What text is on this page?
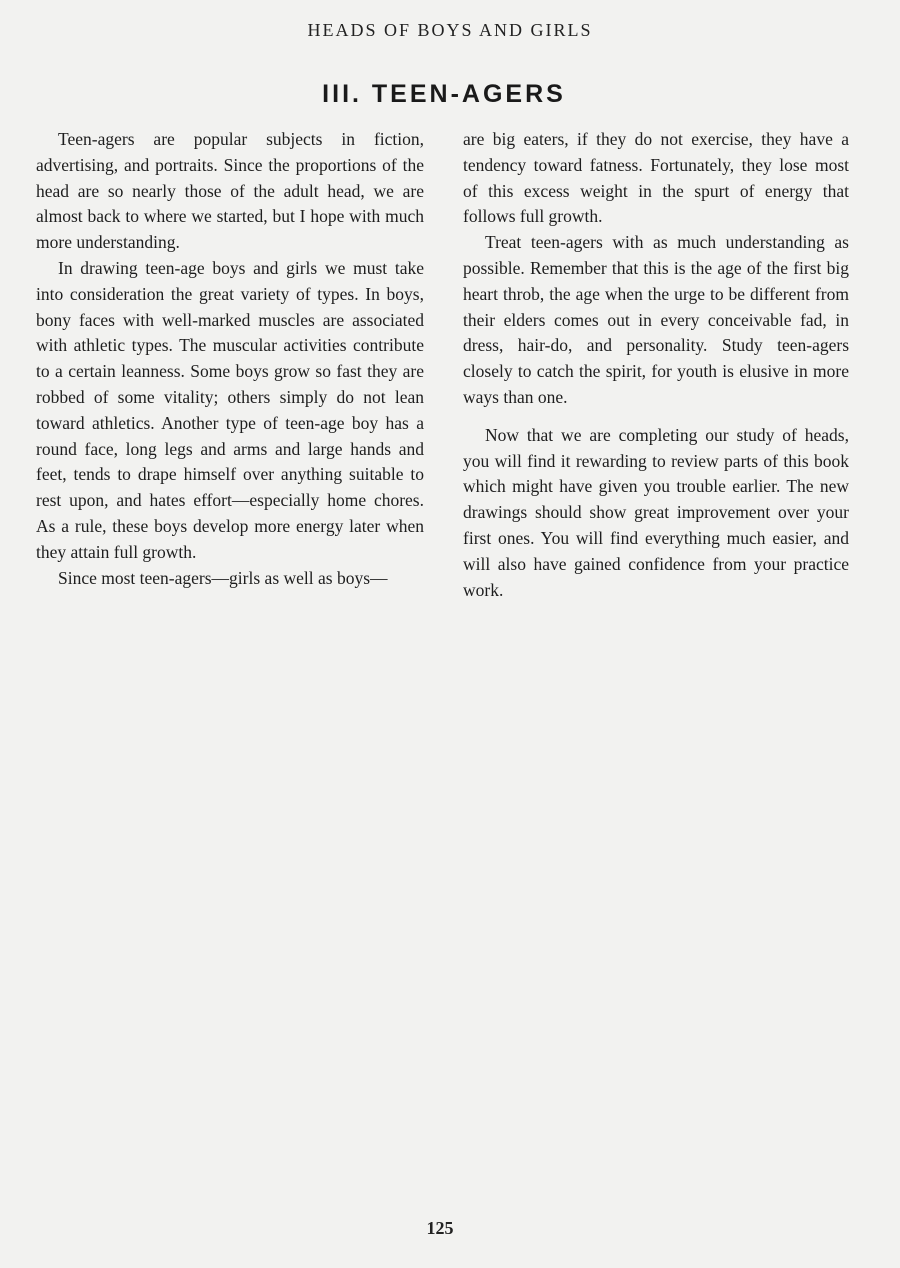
HEADS OF BOYS AND GIRLS
III. TEEN-AGERS

Teen-agers are popular subjects in fiction, advertising, and portraits. Since the proportions of the head are so nearly those of the adult head, we are almost back to where we started, but I hope with much more understanding.

In drawing teen-age boys and girls we must take into consideration the great variety of types. In boys, bony faces with well-marked muscles are associated with athletic types. The muscular activities contribute to a certain leanness. Some boys grow so fast they are robbed of some vitality; others simply do not lean toward athletics. Another type of teen-age boy has a round face, long legs and arms and large hands and feet, tends to drape himself over anything suitable to rest upon, and hates effort—especially home chores. As a rule, these boys develop more energy later when they attain full growth.

Since most teen-agers—girls as well as boys—

are big eaters, if they do not exercise, they have a tendency toward fatness. Fortunately, they lose most of this excess weight in the spurt of energy that follows full growth.

Treat teen-agers with as much understanding as possible. Remember that this is the age of the first big heart throb, the age when the urge to be different from their elders comes out in every conceivable fad, in dress, hair-do, and personality. Study teen-agers closely to catch the spirit, for youth is elusive in more ways than one.

Now that we are completing our study of heads, you will find it rewarding to review parts of this book which might have given you trouble earlier. The new drawings should show great improvement over your first ones. You will find everything much easier, and will also have gained confidence from your practice work.

125
